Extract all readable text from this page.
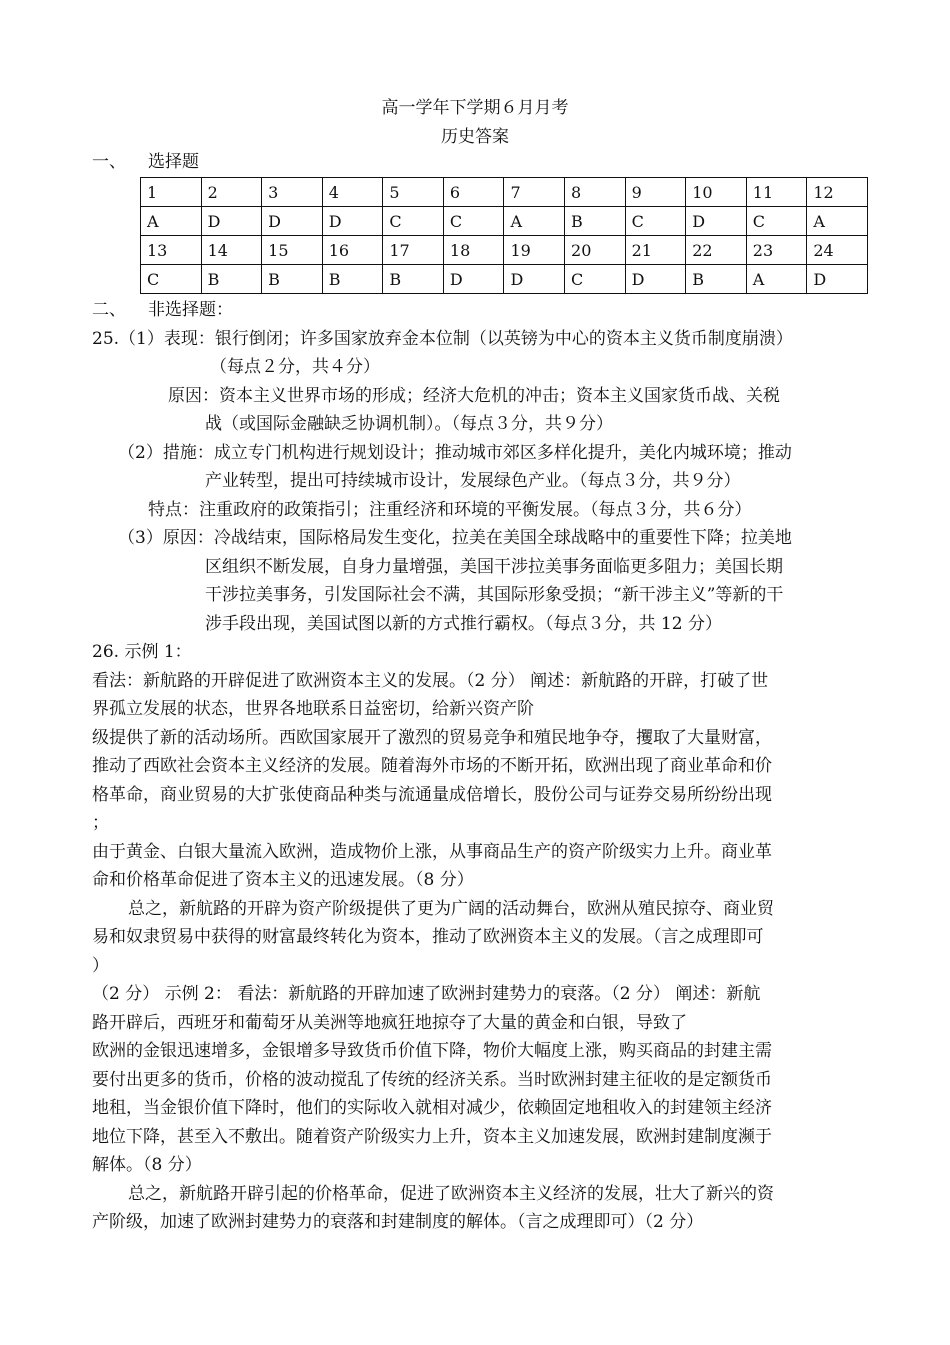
高一学年下学期６月月考
历史答案
一、 选择题
1	2	3	4	5	6	7	8	9	10	11	12
A	D	D	D	C	C	A	B	C	D	C	A
13	14	15	16	17	18	19	20	21	22	23	24
C	B	B	B	B	D	D	C	D	B	A	D
二、 非选择题：
25.（1）表现：银行倒闭；许多国家放弃金本位制（以英镑为中心的资本主义货币制度崩溃）
（每点２分，共４分）
原因：资本主义世界市场的形成；经济大危机的冲击；资本主义国家货币战、关税
战（或国际金融缺乏协调机制）。（每点３分，共９分）
（2）措施：成立专门机构进行规划设计；推动城市郊区多样化提升，美化内城环境；推动
产业转型，提出可持续城市设计，发展绿色产业。（每点３分，共９分）
特点：注重政府的政策指引；注重经济和环境的平衡发展。（每点３分，共６分）
（3）原因：冷战结束，国际格局发生变化，拉美在美国全球战略中的重要性下降；拉美地
区组织不断发展，自身力量增强，美国干涉拉美事务面临更多阻力；美国长期
干涉拉美事务，引发国际社会不满，其国际形象受损；“新干涉主义”等新的干
涉手段出现，美国试图以新的方式推行霸权。（每点３分，共 12 分）
26. 示例 1：
看法：新航路的开辟促进了欧洲资本主义的发展。（2 分） 阐述：新航路的开辟，打破了世
界孤立发展的状态，世界各地联系日益密切，给新兴资产阶
级提供了新的活动场所。西欧国家展开了激烈的贸易竞争和殖民地争夺，攫取了大量财富，
推动了西欧社会资本主义经济的发展。随着海外市场的不断开拓，欧洲出现了商业革命和价
格革命，商业贸易的大扩张使商品种类与流通量成倍增长，股份公司与证券交易所纷纷出现
；
由于黄金、白银大量流入欧洲，造成物价上涨，从事商品生产的资产阶级实力上升。商业革
命和价格革命促进了资本主义的迅速发展。（8 分）
总之，新航路的开辟为资产阶级提供了更为广阔的活动舞台，欧洲从殖民掠夺、商业贸
易和奴隶贸易中获得的财富最终转化为资本，推动了欧洲资本主义的发展。（言之成理即可
）
（2 分） 示例 2： 看法：新航路的开辟加速了欧洲封建势力的衰落。（2 分） 阐述：新航
路开辟后，西班牙和葡萄牙从美洲等地疯狂地掠夺了大量的黄金和白银，导致了
欧洲的金银迅速增多，金银增多导致货币价值下降，物价大幅度上涨，购买商品的封建主需
要付出更多的货币，价格的波动搅乱了传统的经济关系。当时欧洲封建主征收的是定额货币
地租，当金银价值下降时，他们的实际收入就相对减少，依赖固定地租收入的封建领主经济
地位下降，甚至入不敷出。随着资产阶级实力上升，资本主义加速发展，欧洲封建制度濒于
解体。（8 分）
总之，新航路开辟引起的价格革命，促进了欧洲资本主义经济的发展，壮大了新兴的资
产阶级，加速了欧洲封建势力的衰落和封建制度的解体。（言之成理即可）（2 分）
